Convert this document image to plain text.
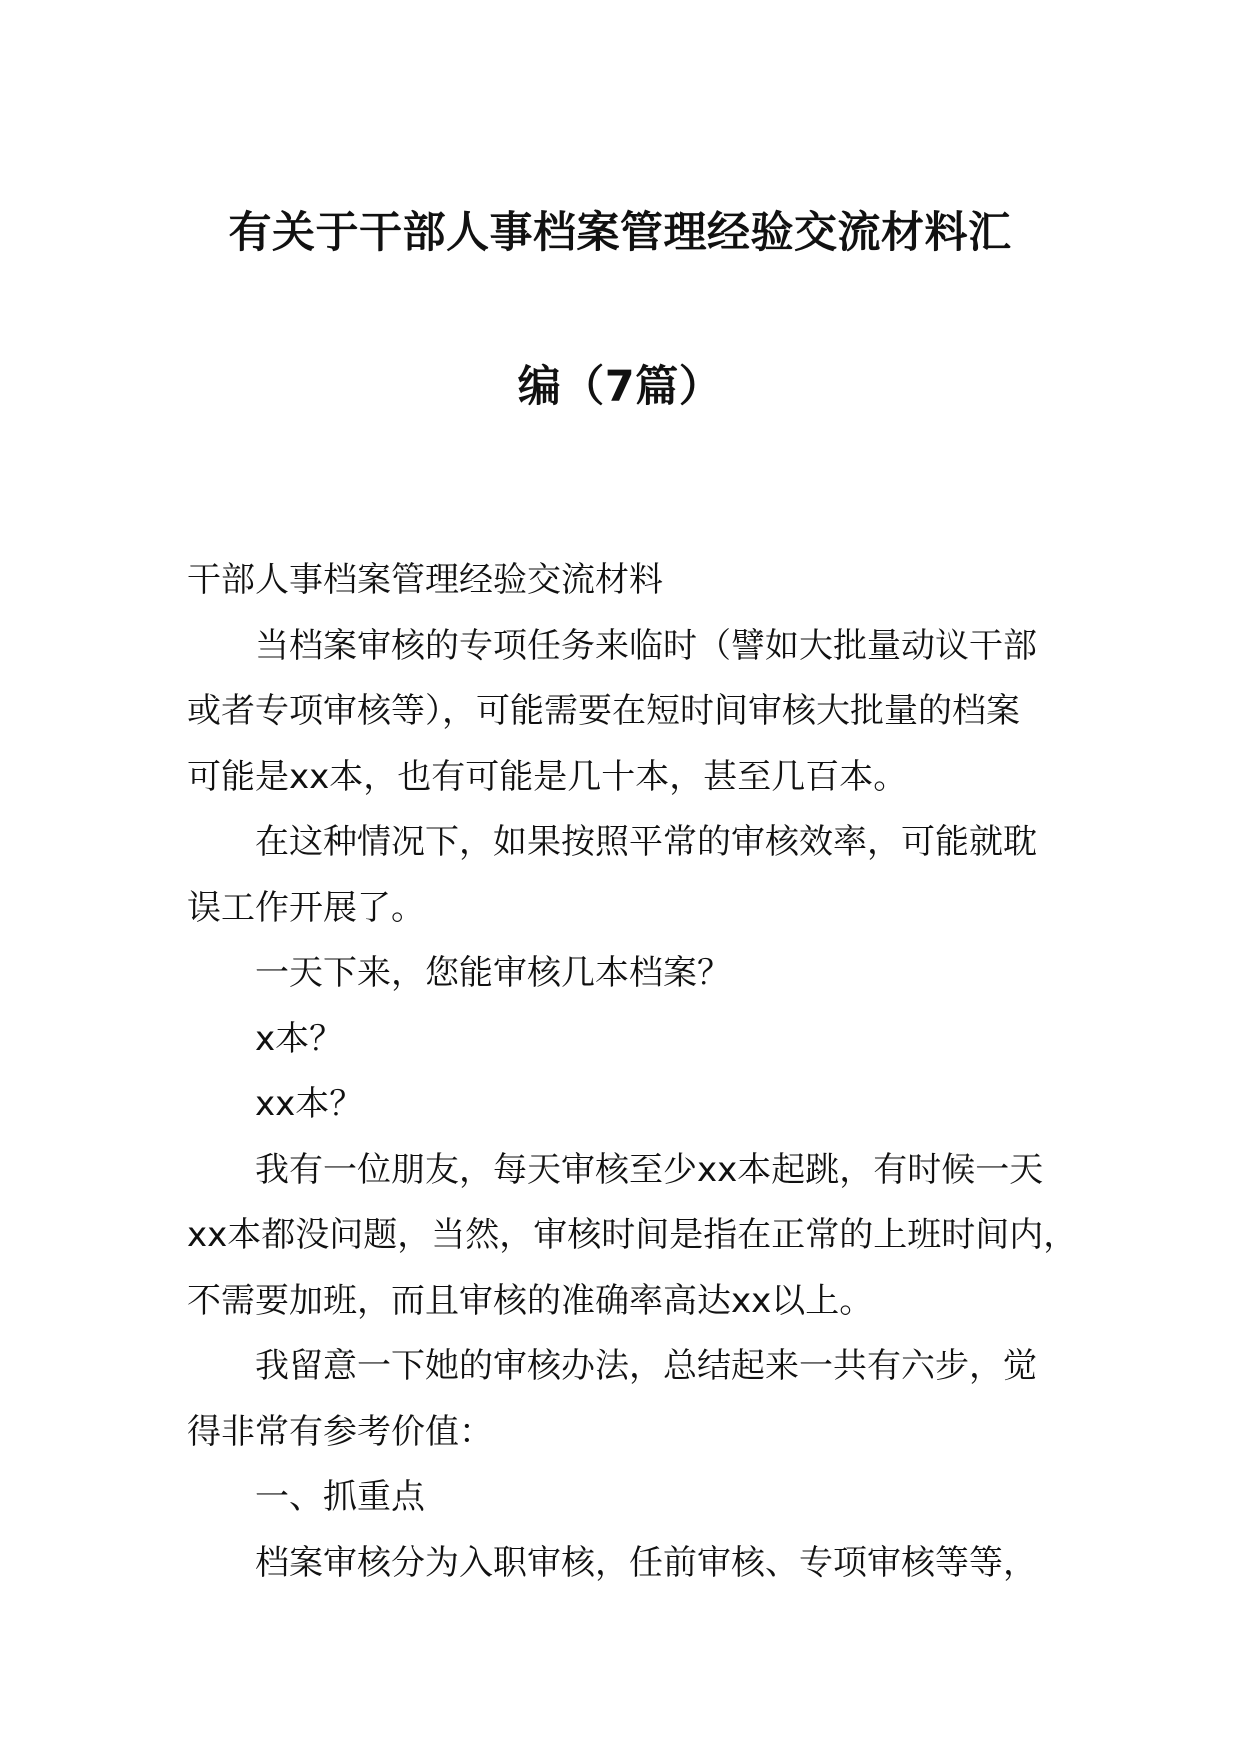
有关于干部人事档案管理经验交流材料汇
编（7篇）
干部人事档案管理经验交流材料
当档案审核的专项任务来临时（譬如大批量动议干部
或者专项审核等），可能需要在短时间审核大批量的档案
可能是xx本，也有可能是几十本，甚至几百本。
在这种情况下，如果按照平常的审核效率，可能就耽
误工作开展了。
一天下来，您能审核几本档案？
x本？
xx本？
我有一位朋友，每天审核至少xx本起跳，有时候一天
xx本都没问题，当然，审核时间是指在正常的上班时间内，
不需要加班，而且审核的准确率高达xx以上。
我留意一下她的审核办法，总结起来一共有六步，觉
得非常有参考价值：
一、抓重点
档案审核分为入职审核，任前审核、专项审核等等，
